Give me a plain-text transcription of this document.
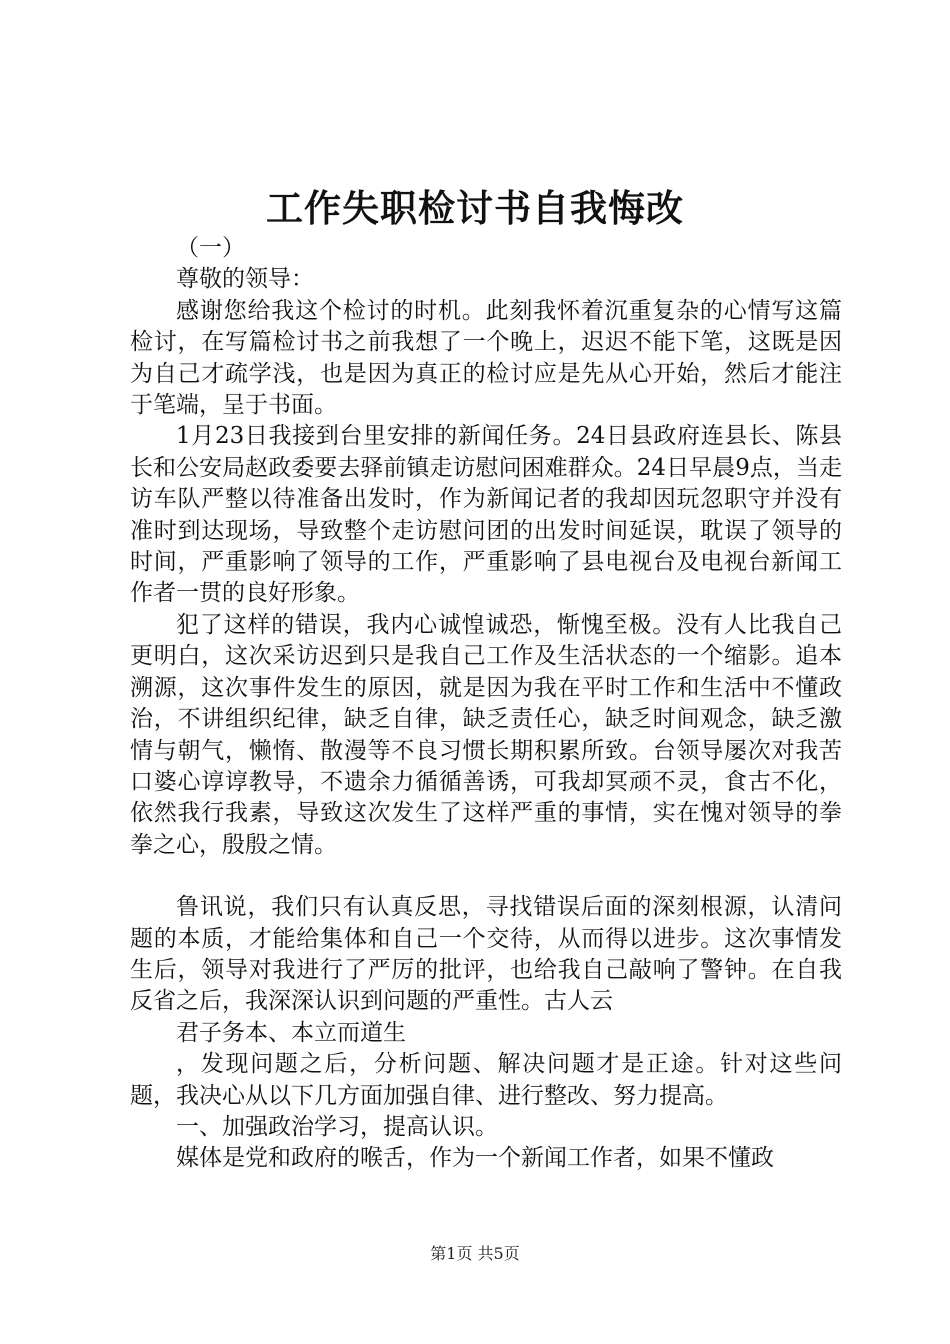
工作失职检讨书自我悔改

（一）

尊敬的领导：

感谢您给我这个检讨的时机。此刻我怀着沉重复杂的心情写这篇检讨，在写篇检讨书之前我想了一个晚上，迟迟不能下笔，这既是因为自己才疏学浅，也是因为真正的检讨应是先从心开始，然后才能注于笔端，呈于书面。

1月23日我接到台里安排的新闻任务。24日县政府连县长、陈县长和公安局赵政委要去驿前镇走访慰问困难群众。24日早晨9点，当走访车队严整以待准备出发时，作为新闻记者的我却因玩忽职守并没有准时到达现场，导致整个走访慰问团的出发时间延误，耽误了领导的时间，严重影响了领导的工作，严重影响了县电视台及电视台新闻工作者一贯的良好形象。

犯了这样的错误，我内心诚惶诚恐，惭愧至极。没有人比我自己更明白，这次采访迟到只是我自己工作及生活状态的一个缩影。追本溯源，这次事件发生的原因，就是因为我在平时工作和生活中不懂政治，不讲组织纪律，缺乏自律，缺乏责任心，缺乏时间观念，缺乏激情与朝气，懒惰、散漫等不良习惯长期积累所致。台领导屡次对我苦口婆心谆谆教导，不遗余力循循善诱，可我却冥顽不灵，食古不化，依然我行我素，导致这次发生了这样严重的事情，实在愧对领导的拳拳之心，殷殷之情。

鲁讯说，我们只有认真反思，寻找错误后面的深刻根源，认清问题的本质，才能给集体和自己一个交待，从而得以进步。这次事情发生后，领导对我进行了严厉的批评，也给我自己敲响了警钟。在自我反省之后，我深深认识到问题的严重性。古人云

君子务本、本立而道生

，发现问题之后，分析问题、解决问题才是正途。针对这些问题，我决心从以下几方面加强自律、进行整改、努力提高。

一、加强政治学习，提高认识。

媒体是党和政府的喉舌，作为一个新闻工作者，如果不懂政

第1页 共5页
